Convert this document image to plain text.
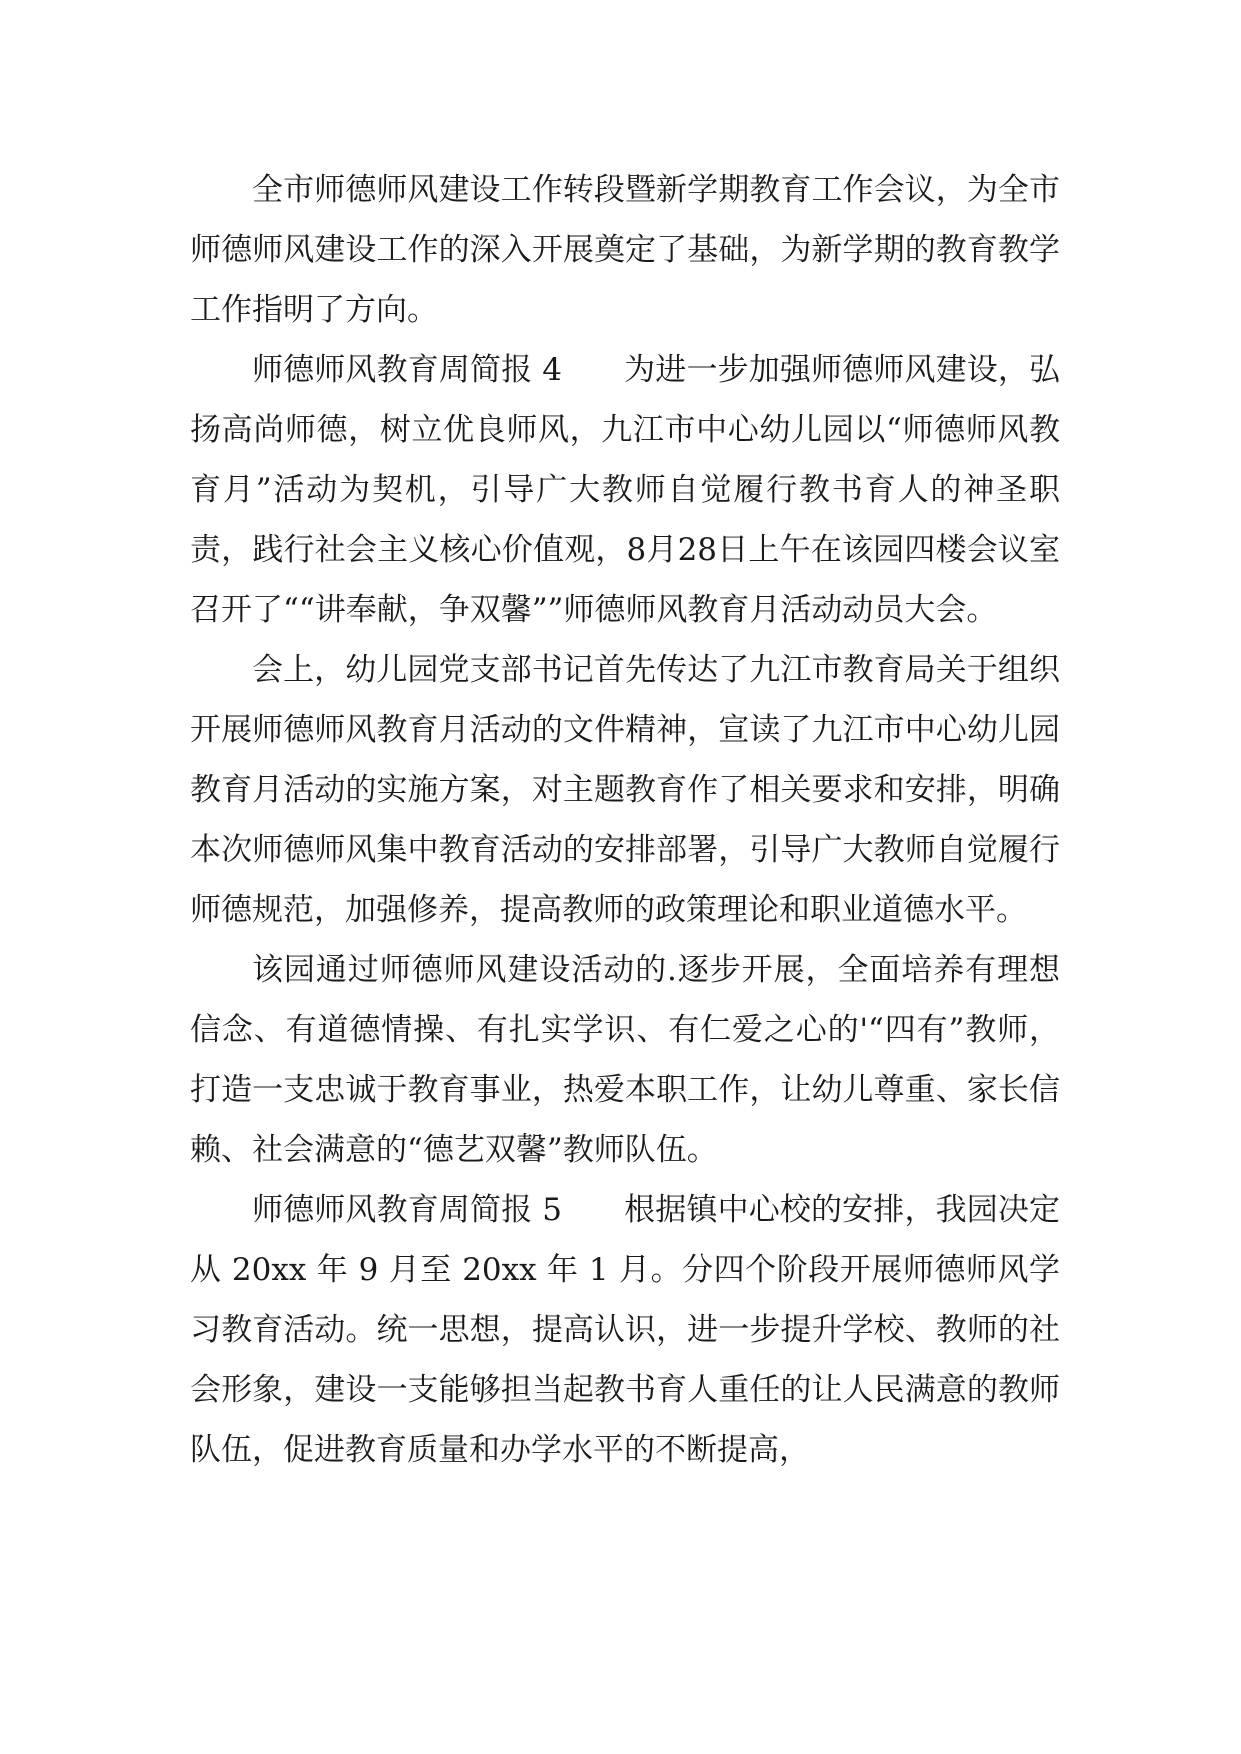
全市师德师风建设工作转段暨新学期教育工作会议，为全市师德师风建设工作的深入开展奠定了基础，为新学期的教育教学工作指明了方向。

师德师风教育周简报 4 为进一步加强师德师风建设，弘扬高尚师德，树立优良师风，九江市中心幼儿园以“师德师风教育月”活动为契机，引导广大教师自觉履行教书育人的神圣职责，践行社会主义核心价值观，8月28日上午在该园四楼会议室召开了““讲奉献，争双馨””师德师风教育月活动动员大会。

会上，幼儿园党支部书记首先传达了九江市教育局关于组织开展师德师风教育月活动的文件精神，宣读了九江市中心幼儿园教育月活动的实施方案，对主题教育作了相关要求和安排，明确本次师德师风集中教育活动的安排部署，引导广大教师自觉履行师德规范，加强修养，提高教师的政策理论和职业道德水平。

该园通过师德师风建设活动的.逐步开展，全面培养有理想信念、有道德情操、有扎实学识、有仁爱之心的'“四有”教师，打造一支忠诚于教育事业，热爱本职工作，让幼儿尊重、家长信赖、社会满意的“德艺双馨”教师队伍。

师德师风教育周简报 5 根据镇中心校的安排，我园决定从 20xx 年 9 月至 20xx 年 1 月。分四个阶段开展师德师风学习教育活动。统一思想，提高认识，进一步提升学校、教师的社会形象，建设一支能够担当起教书育人重任的让人民满意的教师队伍，促进教育质量和办学水平的不断提高，
